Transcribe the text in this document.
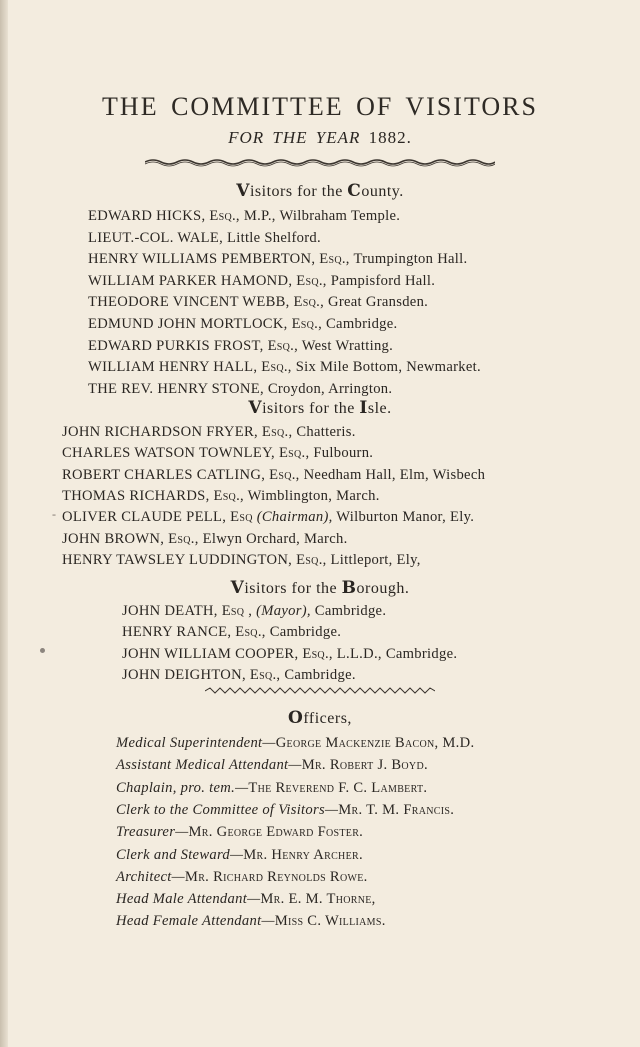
THE COMMITTEE OF VISITORS
FOR THE YEAR 1882.
Visitors for the County.
EDWARD HICKS, Esq., M.P., Wilbraham Temple.
LIEUT.-COL. WALE, Little Shelford.
HENRY WILLIAMS PEMBERTON, Esq., Trumpington Hall.
WILLIAM PARKER HAMOND, Esq., Pampisford Hall.
THEODORE VINCENT WEBB, Esq., Great Gransden.
EDMUND JOHN MORTLOCK, Esq., Cambridge.
EDWARD PURKIS FROST, Esq., West Wratting.
WILLIAM HENRY HALL, Esq., Six Mile Bottom, Newmarket.
THE REV. HENRY STONE, Croydon, Arrington.
Visitors for the Isle.
-
JOHN RICHARDSON FRYER, Esq., Chatteris.
CHARLES WATSON TOWNLEY, Esq., Fulbourn.
ROBERT CHARLES CATLING, Esq., Needham Hall, Elm, Wisbech
THOMAS RICHARDS, Esq., Wimblington, March.
OLIVER CLAUDE PELL, Esq (Chairman), Wilburton Manor, Ely.
JOHN BROWN, Esq., Elwyn Orchard, March.
HENRY TAWSLEY LUDDINGTON, Esq., Littleport, Ely,
Visitors for the Borough.
JOHN DEATH, Esq , (Mayor), Cambridge.
HENRY RANCE, Esq., Cambridge.
JOHN WILLIAM COOPER, Esq., L.L.D., Cambridge.
JOHN DEIGHTON, Esq., Cambridge.
Officers,
Medical Superintendent—George Mackenzie Bacon, M.D.
Assistant Medical Attendant—Mr. Robert J. Boyd.
Chaplain, pro. tem.—The Reverend F. C. Lambert.
Clerk to the Committee of Visitors—Mr. T. M. Francis.
Treasurer—Mr. George Edward Foster.
Clerk and Steward—Mr. Henry Archer.
Architect—Mr. Richard Reynolds Rowe.
Head Male Attendant—Mr. E. M. Thorne,
Head Female Attendant—Miss C. Williams.
